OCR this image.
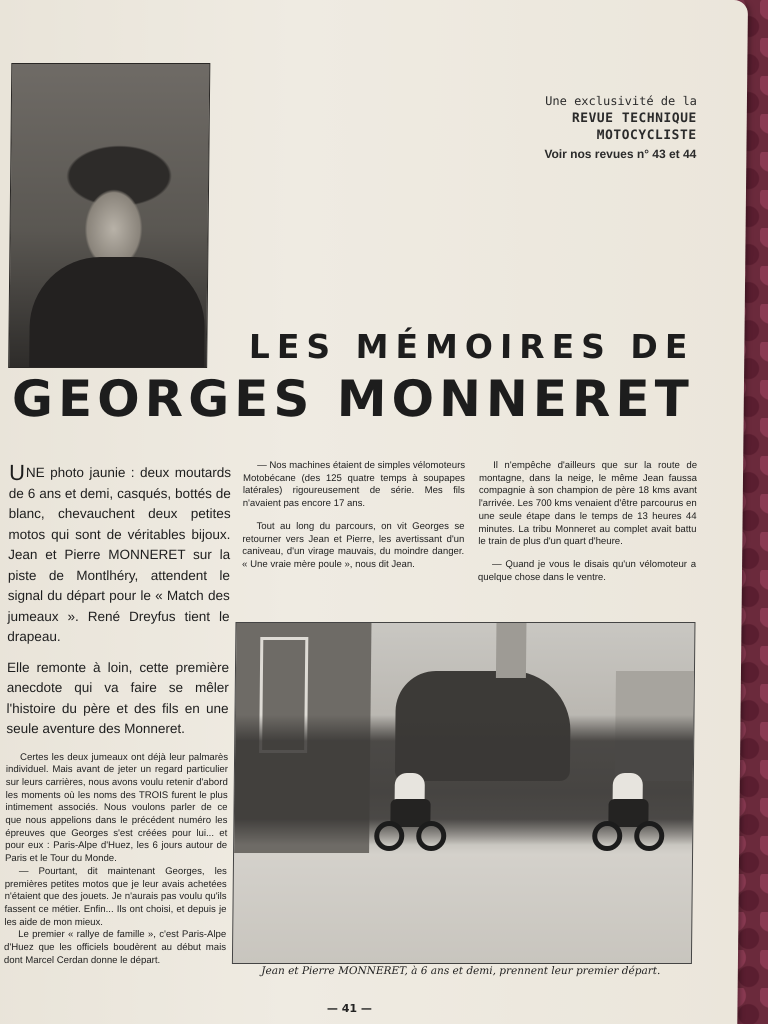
Une exclusivité de la
REVUE TECHNIQUE
MOTOCYCLISTE
Voir nos revues n° 43 et 44
LES MÉMOIRES DE
GEORGES MONNERET

UNE photo jaunie : deux moutards de 6 ans et demi, casqués, bottés de blanc, chevauchent deux petites motos qui sont de véritables bijoux. Jean et Pierre MONNERET sur la piste de Montlhéry, attendent le signal du départ pour le « Match des jumeaux ». René Dreyfus tient le drapeau.

Elle remonte à loin, cette première anecdote qui va faire se mêler l'histoire du père et des fils en une seule aventure des Monneret.

Certes les deux jumeaux ont déjà leur palmarès individuel. Mais avant de jeter un regard particulier sur leurs carrières, nous avons voulu retenir d'abord les moments où les noms des TROIS furent le plus intimement associés. Nous voulons parler de ce que nous appelions dans le précédent numéro les épreuves que Georges s'est créées pour lui... et pour eux : Paris-Alpe d'Huez, les 6 jours autour de Paris et le Tour du Monde.

— Pourtant, dit maintenant Georges, les premières petites motos que je leur avais achetées n'étaient que des jouets. Je n'aurais pas voulu qu'ils fassent ce métier. Enfin... Ils ont choisi, et depuis je les aide de mon mieux.

Le premier « rallye de famille », c'est Paris-Alpe d'Huez que les officiels boudèrent au début mais dont Marcel Cerdan donne le départ.

— Nos machines étaient de simples vélomoteurs Motobécane (des 125 quatre temps à soupapes latérales) rigoureusement de série. Mes fils n'avaient pas encore 17 ans.

Tout au long du parcours, on vit Georges se retourner vers Jean et Pierre, les avertissant d'un caniveau, d'un virage mauvais, du moindre danger. « Une vraie mère poule », nous dit Jean.

Il n'empêche d'ailleurs que sur la route de montagne, dans la neige, le même Jean faussa compagnie à son champion de père 18 kms avant l'arrivée. Les 700 kms venaient d'être parcourus en une seule étape dans le temps de 13 heures 44 minutes. La tribu Monneret au complet avait battu le train de plus d'un quart d'heure.

— Quand je vous le disais qu'un vélomoteur a quelque chose dans le ventre.

Jean et Pierre MONNERET, à 6 ans et demi, prennent leur premier départ.
— 41 —
